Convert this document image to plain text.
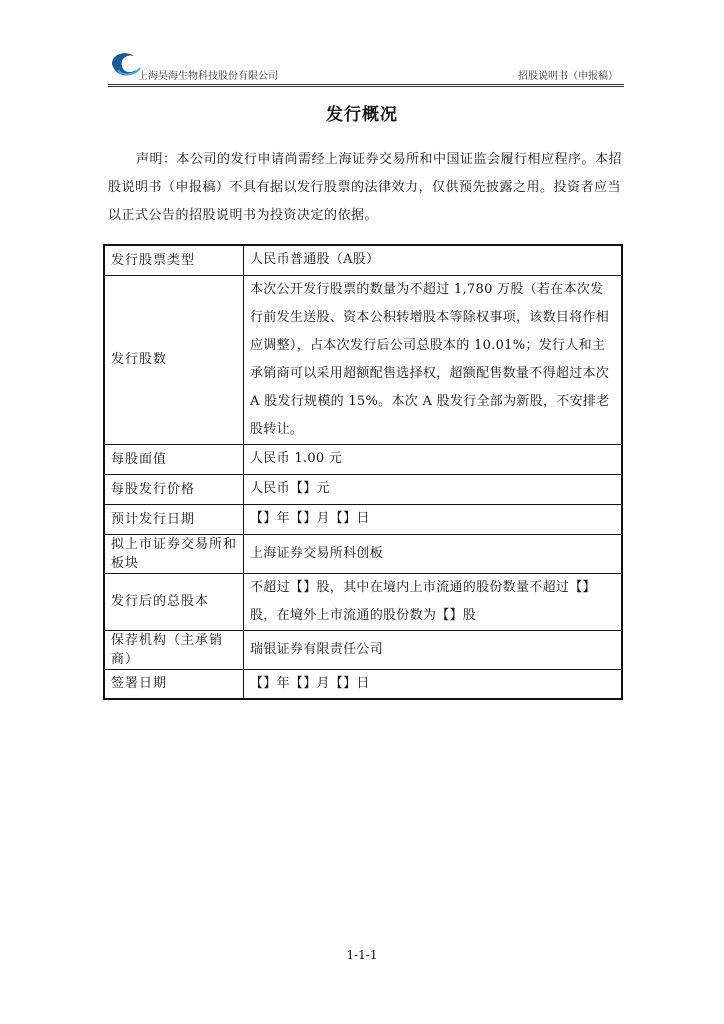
上海昊海生物科技股份有限公司	招股说明书（申报稿）
发行概况

声明：本公司的发行申请尚需经上海证券交易所和中国证监会履行相应程序。本招股说明书（申报稿）不具有据以发行股票的法律效力，仅供预先披露之用。投资者应当以正式公告的招股说明书为投资决定的依据。

发行股票类型	人民币普通股（A股）
发行股数	本次公开发行股票的数量为不超过 1,780 万股（若在本次发行前发生送股、资本公积转增股本等除权事项，该数目将作相应调整），占本次发行后公司总股本的 10.01%；发行人和主承销商可以采用超额配售选择权，超额配售数量不得超过本次 A 股发行规模的 15%。本次 A 股发行全部为新股，不安排老股转让。
每股面值	人民币 1.00 元
每股发行价格	人民币【】元
预计发行日期	【】年【】月【】日
拟上市证券交易所和板块	上海证券交易所科创板
发行后的总股本	不超过【】股，其中在境内上市流通的股份数量不超过【】股，在境外上市流通的股份数为【】股
保荐机构（主承销商）	瑞银证券有限责任公司
签署日期	【】年【】月【】日
1-1-1
